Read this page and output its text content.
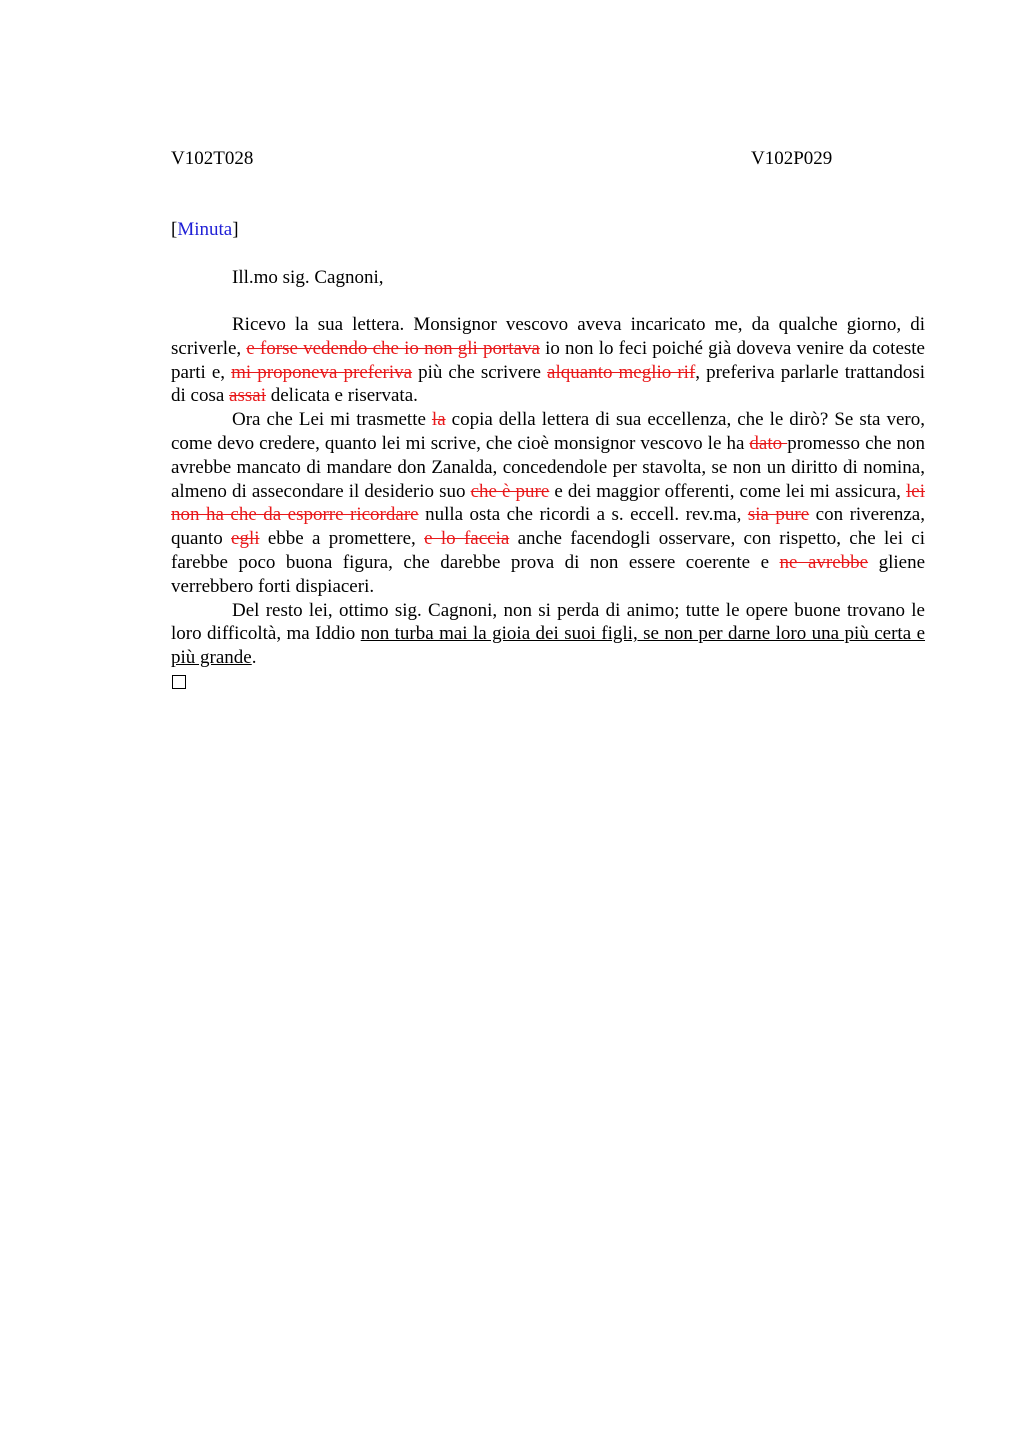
V102T028	V102P029
[Minuta]
Ill.mo sig. Cagnoni,

Ricevo la sua lettera. Monsignor vescovo aveva incaricato me, da qualche giorno, di scriverle, e forse vedendo che io non gli portava io non lo feci poiché già doveva venire da coteste parti e, mi proponeva preferiva più che scrivere alquanto meglio rif, preferiva parlarle trattandosi di cosa assai delicata e riservata.

Ora che Lei mi trasmette la copia della lettera di sua eccellenza, che le dirò? Se sta vero, come devo credere, quanto lei mi scrive, che cioè monsignor vescovo le ha dato promesso che non avrebbe mancato di mandare don Zanalda, concedendole per stavolta, se non un diritto di nomina, almeno di assecondare il desiderio suo che è pure e dei maggior offerenti, come lei mi assicura, lei non ha che da esporre ricordare nulla osta che ricordi a s. eccell. rev.ma, sia pure con riverenza, quanto egli ebbe a promettere, e lo faccia anche facendogli osservare, con rispetto, che lei ci farebbe poco buona figura, che darebbe prova di non essere coerente e ne avrebbe gliene verrebbero forti dispiaceri.

Del resto lei, ottimo sig. Cagnoni, non si perda di animo; tutte le opere buone trovano le loro difficoltà, ma Iddio non turba mai la gioia dei suoi figli, se non per darne loro una più certa e più grande.
